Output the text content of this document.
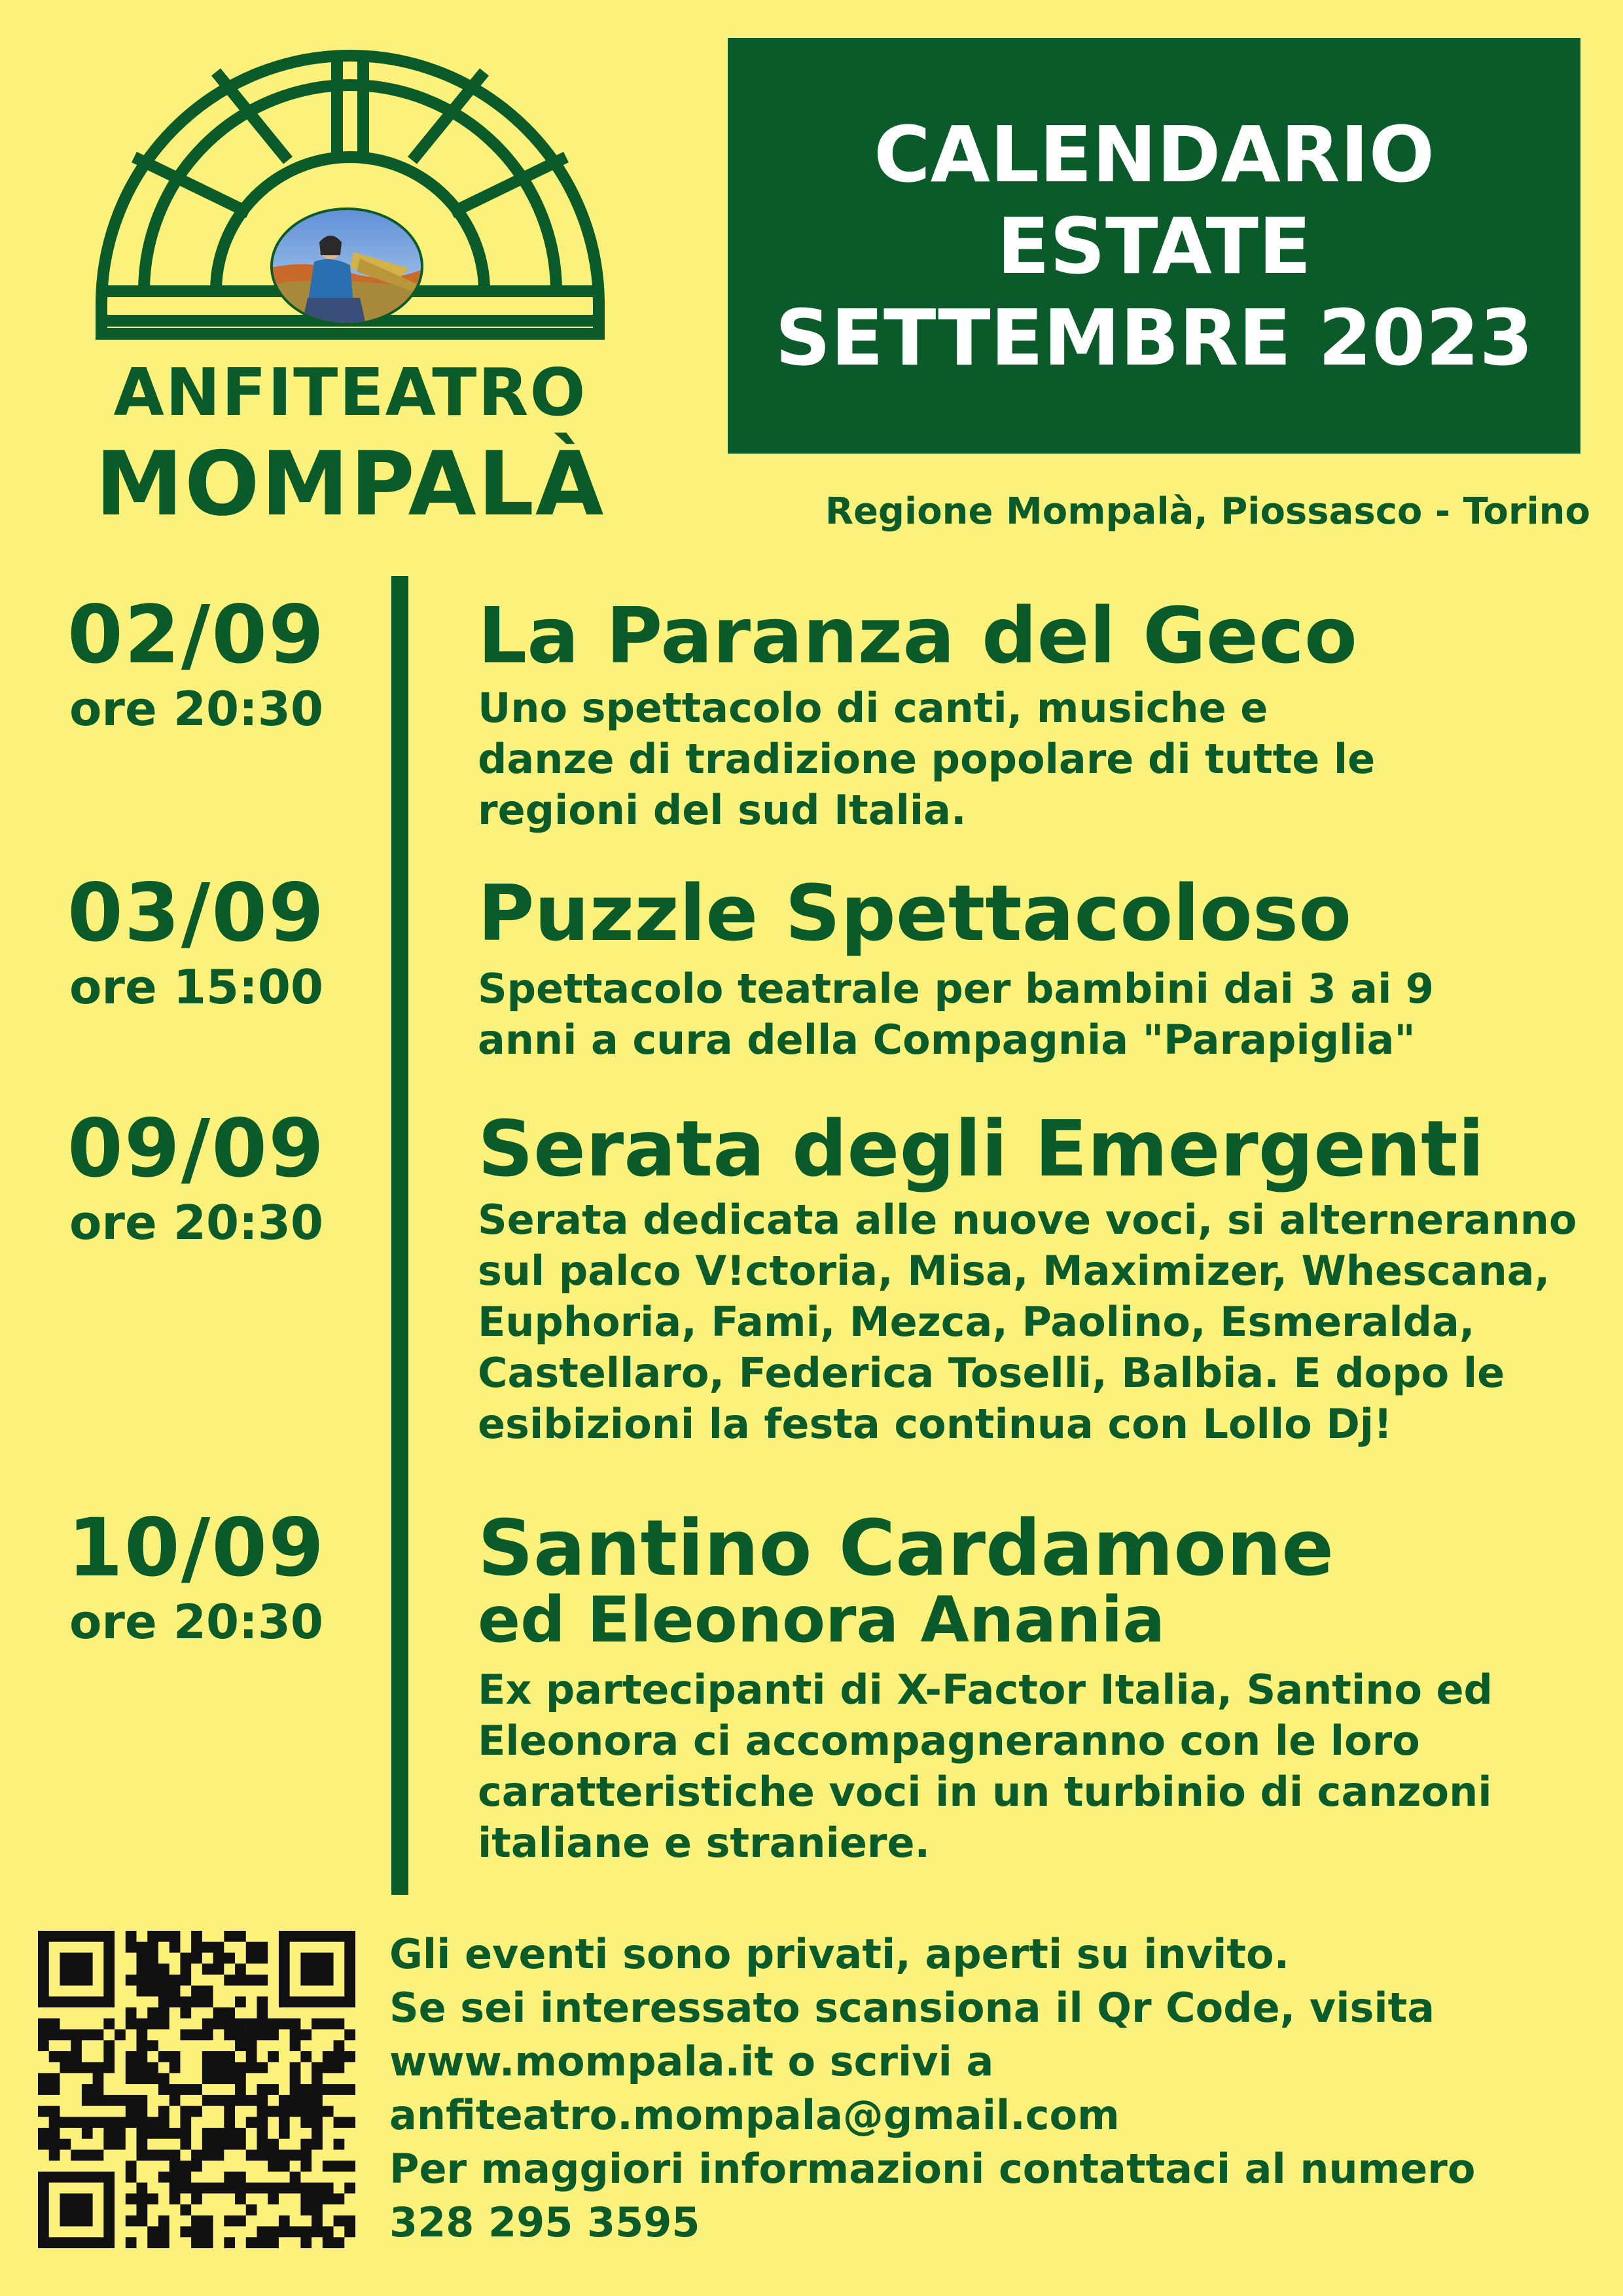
ANFITEATRO
MOMPALÀ
CALENDARIO
ESTATE
SETTEMBRE 2023
Regione Mompalà, Piossasco - Torino
02/09
ore 20:30
La Paranza del Geco
Uno spettacolo di canti, musiche e danze di tradizione popolare di tutte le regioni del sud Italia.
03/09
ore 15:00
Puzzle Spettacoloso
Spettacolo teatrale per bambini dai 3 ai 9 anni a cura della Compagnia "Parapiglia"
09/09
ore 20:30
Serata degli Emergenti
Serata dedicata alle nuove voci, si alterneranno sul palco V!ctoria, Misa, Maximizer, Whescana, Euphoria, Fami, Mezca, Paolino, Esmeralda, Castellaro, Federica Toselli, Balbia. E dopo le esibizioni la festa continua con Lollo Dj!
10/09
ore 20:30
Santino Cardamone
ed Eleonora Anania
Ex partecipanti di X-Factor Italia, Santino ed Eleonora ci accompagneranno con le loro caratteristiche voci in un turbinio di canzoni italiane e straniere.
Gli eventi sono privati, aperti su invito.
Se sei interessato scansiona il Qr Code, visita
www.mompala.it o scrivi a
anfiteatro.mompala@gmail.com
Per maggiori informazioni contattaci al numero
328 295 3595
